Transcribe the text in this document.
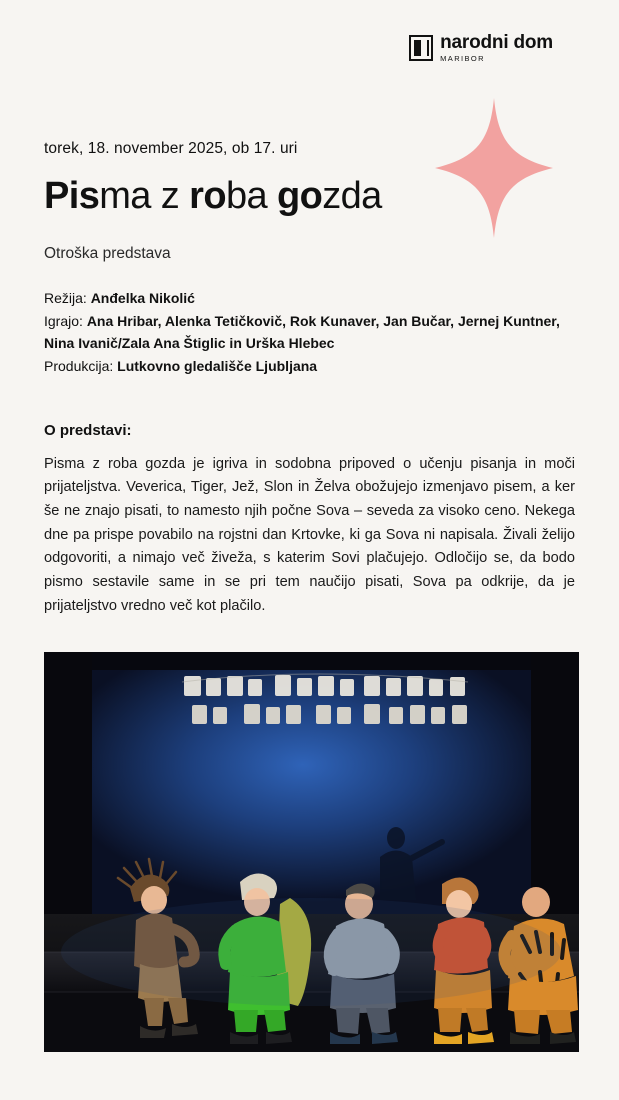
narodni dom
MARIBOR
torek, 18. november 2025, ob 17. uri
Pisma z roba gozda
Otroška predstava
Režija: Anđelka Nikolić
Igrajo: Ana Hribar, Alenka Tetičkovič, Rok Kunaver, Jan Bučar, Jernej Kuntner, Nina Ivanič/Zala Ana Štiglic in Urška Hlebec
Produkcija: Lutkovno gledališče Ljubljana
O predstavi:

Pisma z roba gozda je igriva in sodobna pripoved o učenju pisanja in moči prijateljstva. Veverica, Tiger, Jež, Slon in Želva obožujejo izmenjavo pisem, a ker še ne znajo pisati, to namesto njih počne Sova – seveda za visoko ceno. Nekega dne pa prispe povabilo na rojstni dan Krtovke, ki ga Sova ni napisala. Živali želijo odgovoriti, a nimajo več živeža, s katerim Sovi plačujejo. Odločijo se, da bodo pismo sestavile same in se pri tem naučijo pisati, Sova pa odkrije, da je prijateljstvo vredno več kot plačilo.
